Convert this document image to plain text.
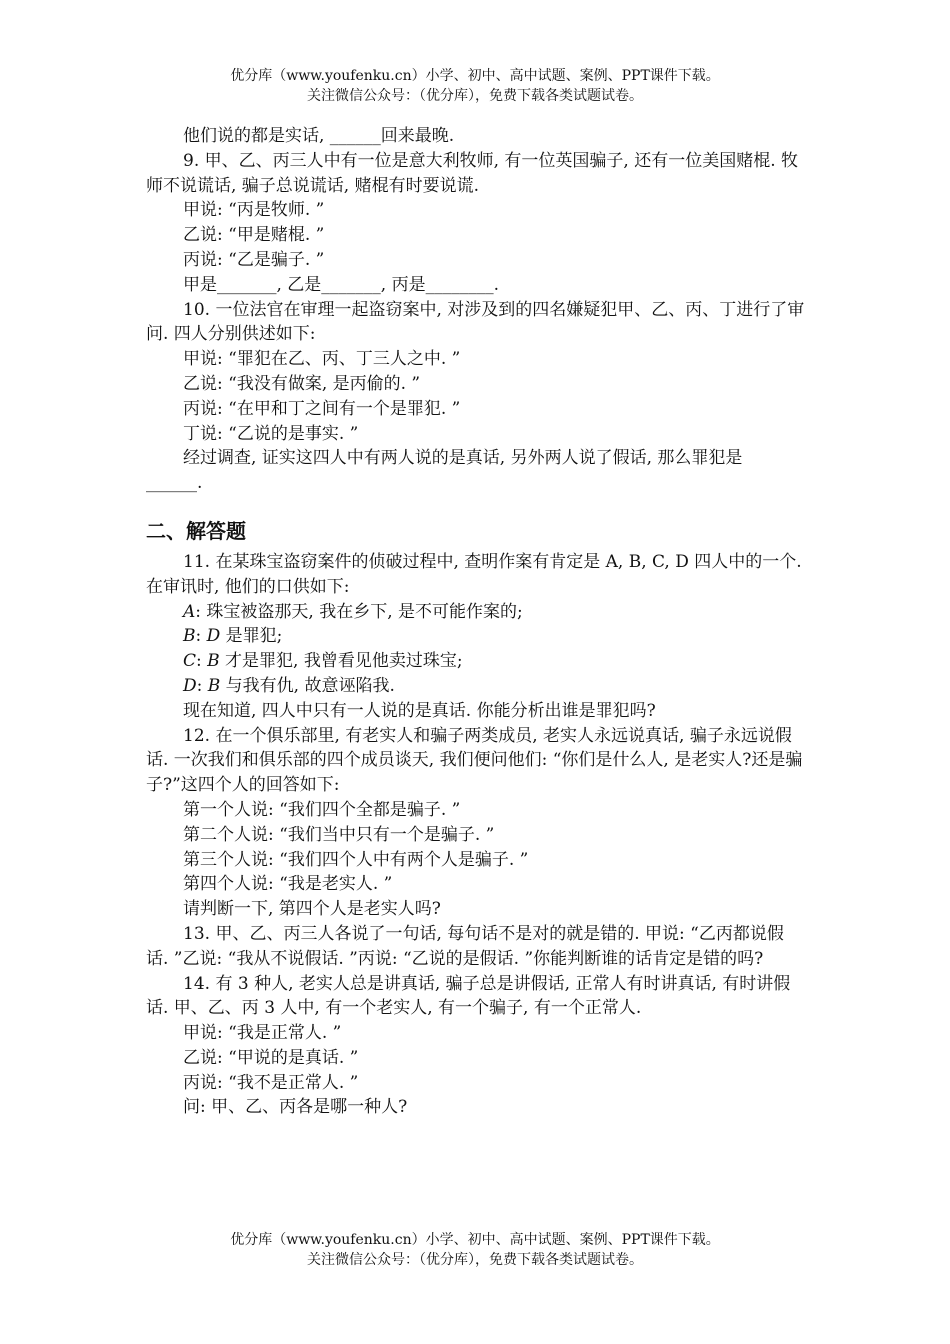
优分库（www.youfenku.cn）小学、初中、高中试题、案例、PPT课件下载。
关注微信公众号：（优分库），免费下载各类试题试卷。

他们说的都是实话, ______回来最晚.

9. 甲、乙、丙三人中有一位是意大利牧师, 有一位英国骗子, 还有一位美国赌棍. 牧师不说谎话, 骗子总说谎话, 赌棍有时要说谎.

甲说: “丙是牧师. ”

乙说: “甲是赌棍. ”

丙说: “乙是骗子. ”

甲是_______, 乙是_______, 丙是________.

10. 一位法官在审理一起盗窃案中, 对涉及到的四名嫌疑犯甲、乙、丙、丁进行了审问. 四人分别供述如下:

甲说: “罪犯在乙、丙、丁三人之中. ”

乙说: “我没有做案, 是丙偷的. ”

丙说: “在甲和丁之间有一个是罪犯. ”

丁说: “乙说的是事实. ”

经过调查, 证实这四人中有两人说的是真话, 另外两人说了假话, 那么罪犯是

______.

二、解答题

11. 在某珠宝盗窃案件的侦破过程中, 查明作案有肯定是 A, B, C, D 四人中的一个. 在审讯时, 他们的口供如下:

A: 珠宝被盗那天, 我在乡下, 是不可能作案的;

B: D 是罪犯;

C: B 才是罪犯, 我曾看见他卖过珠宝;

D: B 与我有仇, 故意诬陷我.

现在知道, 四人中只有一人说的是真话. 你能分析出谁是罪犯吗?

12. 在一个俱乐部里, 有老实人和骗子两类成员, 老实人永远说真话, 骗子永远说假话. 一次我们和俱乐部的四个成员谈天, 我们便问他们: “你们是什么人, 是老实人?还是骗子?”这四个人的回答如下:

第一个人说: “我们四个全都是骗子. ”

第二个人说: “我们当中只有一个是骗子. ”

第三个人说: “我们四个人中有两个人是骗子. ”

第四个人说: “我是老实人. ”

请判断一下, 第四个人是老实人吗?

13. 甲、乙、丙三人各说了一句话, 每句话不是对的就是错的. 甲说: “乙丙都说假话. ”乙说: “我从不说假话. ”丙说: “乙说的是假话. ”你能判断谁的话肯定是错的吗?

14. 有 3 种人, 老实人总是讲真话, 骗子总是讲假话, 正常人有时讲真话, 有时讲假话. 甲、乙、丙 3 人中, 有一个老实人, 有一个骗子, 有一个正常人.

甲说: “我是正常人. ”

乙说: “甲说的是真话. ”

丙说: “我不是正常人. ”

问: 甲、乙、丙各是哪一种人?

优分库（www.youfenku.cn）小学、初中、高中试题、案例、PPT课件下载。
关注微信公众号：（优分库），免费下载各类试题试卷。
